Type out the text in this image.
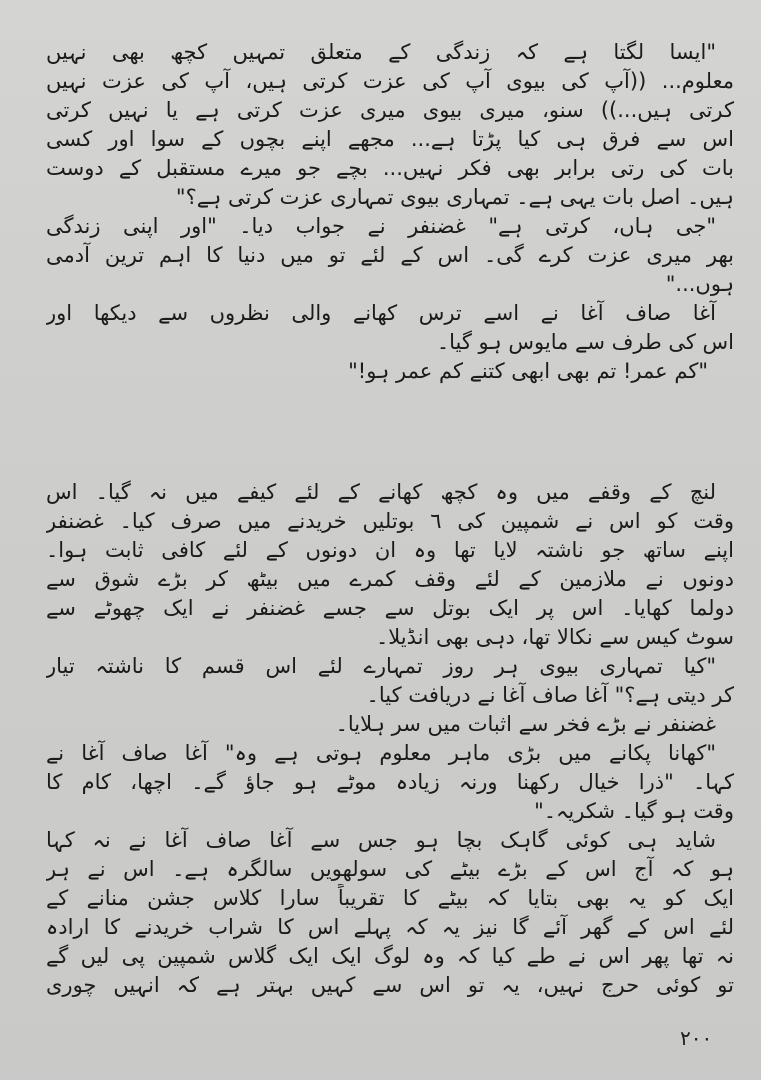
"ایسا لگتا ہے کہ زندگی کے متعلق تمہیں کچھ بھی نہیں
معلوم... ((آپ کی بیوی آپ کی عزت کرتی ہیں، آپ کی عزت نہیں
کرتی ہیں...)) سنو، میری بیوی میری عزت کرتی ہے یا نہیں کرتی
اس سے فرق ہی کیا پڑتا ہے... مجھے اپنے بچوں کے سوا اور کسی
بات کی رتی برابر بھی فکر نہیں... بچے جو میرے مستقبل کے دوست
ہیں۔ اصل بات یہی ہے۔ تمہاری بیوی تمہاری عزت کرتی ہے؟"
"جی ہاں، کرتی ہے" غضنفر نے جواب دیا۔ "اور اپنی زندگی
بھر میری عزت کرے گی۔ اس کے لئے تو میں دنیا کا اہم ترین آدمی
ہوں..."
آغا صاف آغا نے اسے ترس کھانے والی نظروں سے دیکھا اور
اس کی طرف سے مایوس ہو گیا۔
"کم عمر! تم بھی ابھی کتنے کم عمر ہو!"
لنچ کے وقفے میں وہ کچھ کھانے کے لئے کیفے میں نہ گیا۔ اس
وقت کو اس نے شمپین کی ٦ بوتلیں خریدنے میں صرف کیا۔ غضنفر
اپنے ساتھ جو ناشتہ لایا تھا وہ ان دونوں کے لئے کافی ثابت ہوا۔
دونوں نے ملازمین کے لئے وقف کمرے میں بیٹھ کر بڑے شوق سے
دولما کھایا۔ اس پر ایک بوتل سے جسے غضنفر نے ایک چھوٹے سے
سوٹ کیس سے نکالا تھا، دہی بھی انڈیلا۔
"کیا تمہاری بیوی ہر روز تمہارے لئے اس قسم کا ناشتہ تیار
کر دیتی ہے؟" آغا صاف آغا نے دریافت کیا۔
غضنفر نے بڑے فخر سے اثبات میں سر ہلایا۔
"کھانا پکانے میں بڑی ماہر معلوم ہوتی ہے وہ" آغا صاف آغا نے
کہا۔ "ذرا خیال رکھنا ورنہ زیادہ موٹے ہو جاؤ گے۔ اچھا، کام کا
وقت ہو گیا۔ شکریہ۔"
شاید ہی کوئی گاہک بچا ہو جس سے آغا صاف آغا نے نہ کہا
ہو کہ آج اس کے بڑے بیٹے کی سولھویں سالگرہ ہے۔ اس نے ہر
ایک کو یہ بھی بتایا کہ بیٹے کا تقریباً سارا کلاس جشن منانے کے
لئے اس کے گھر آئے گا نیز یہ کہ پہلے اس کا شراب خریدنے کا ارادہ
نہ تھا پھر اس نے طے کیا کہ وہ لوگ ایک ایک گلاس شمپین پی لیں گے
تو کوئی حرج نہیں، یہ تو اس سے کہیں بہتر ہے کہ انہیں چوری
۲۰۰
